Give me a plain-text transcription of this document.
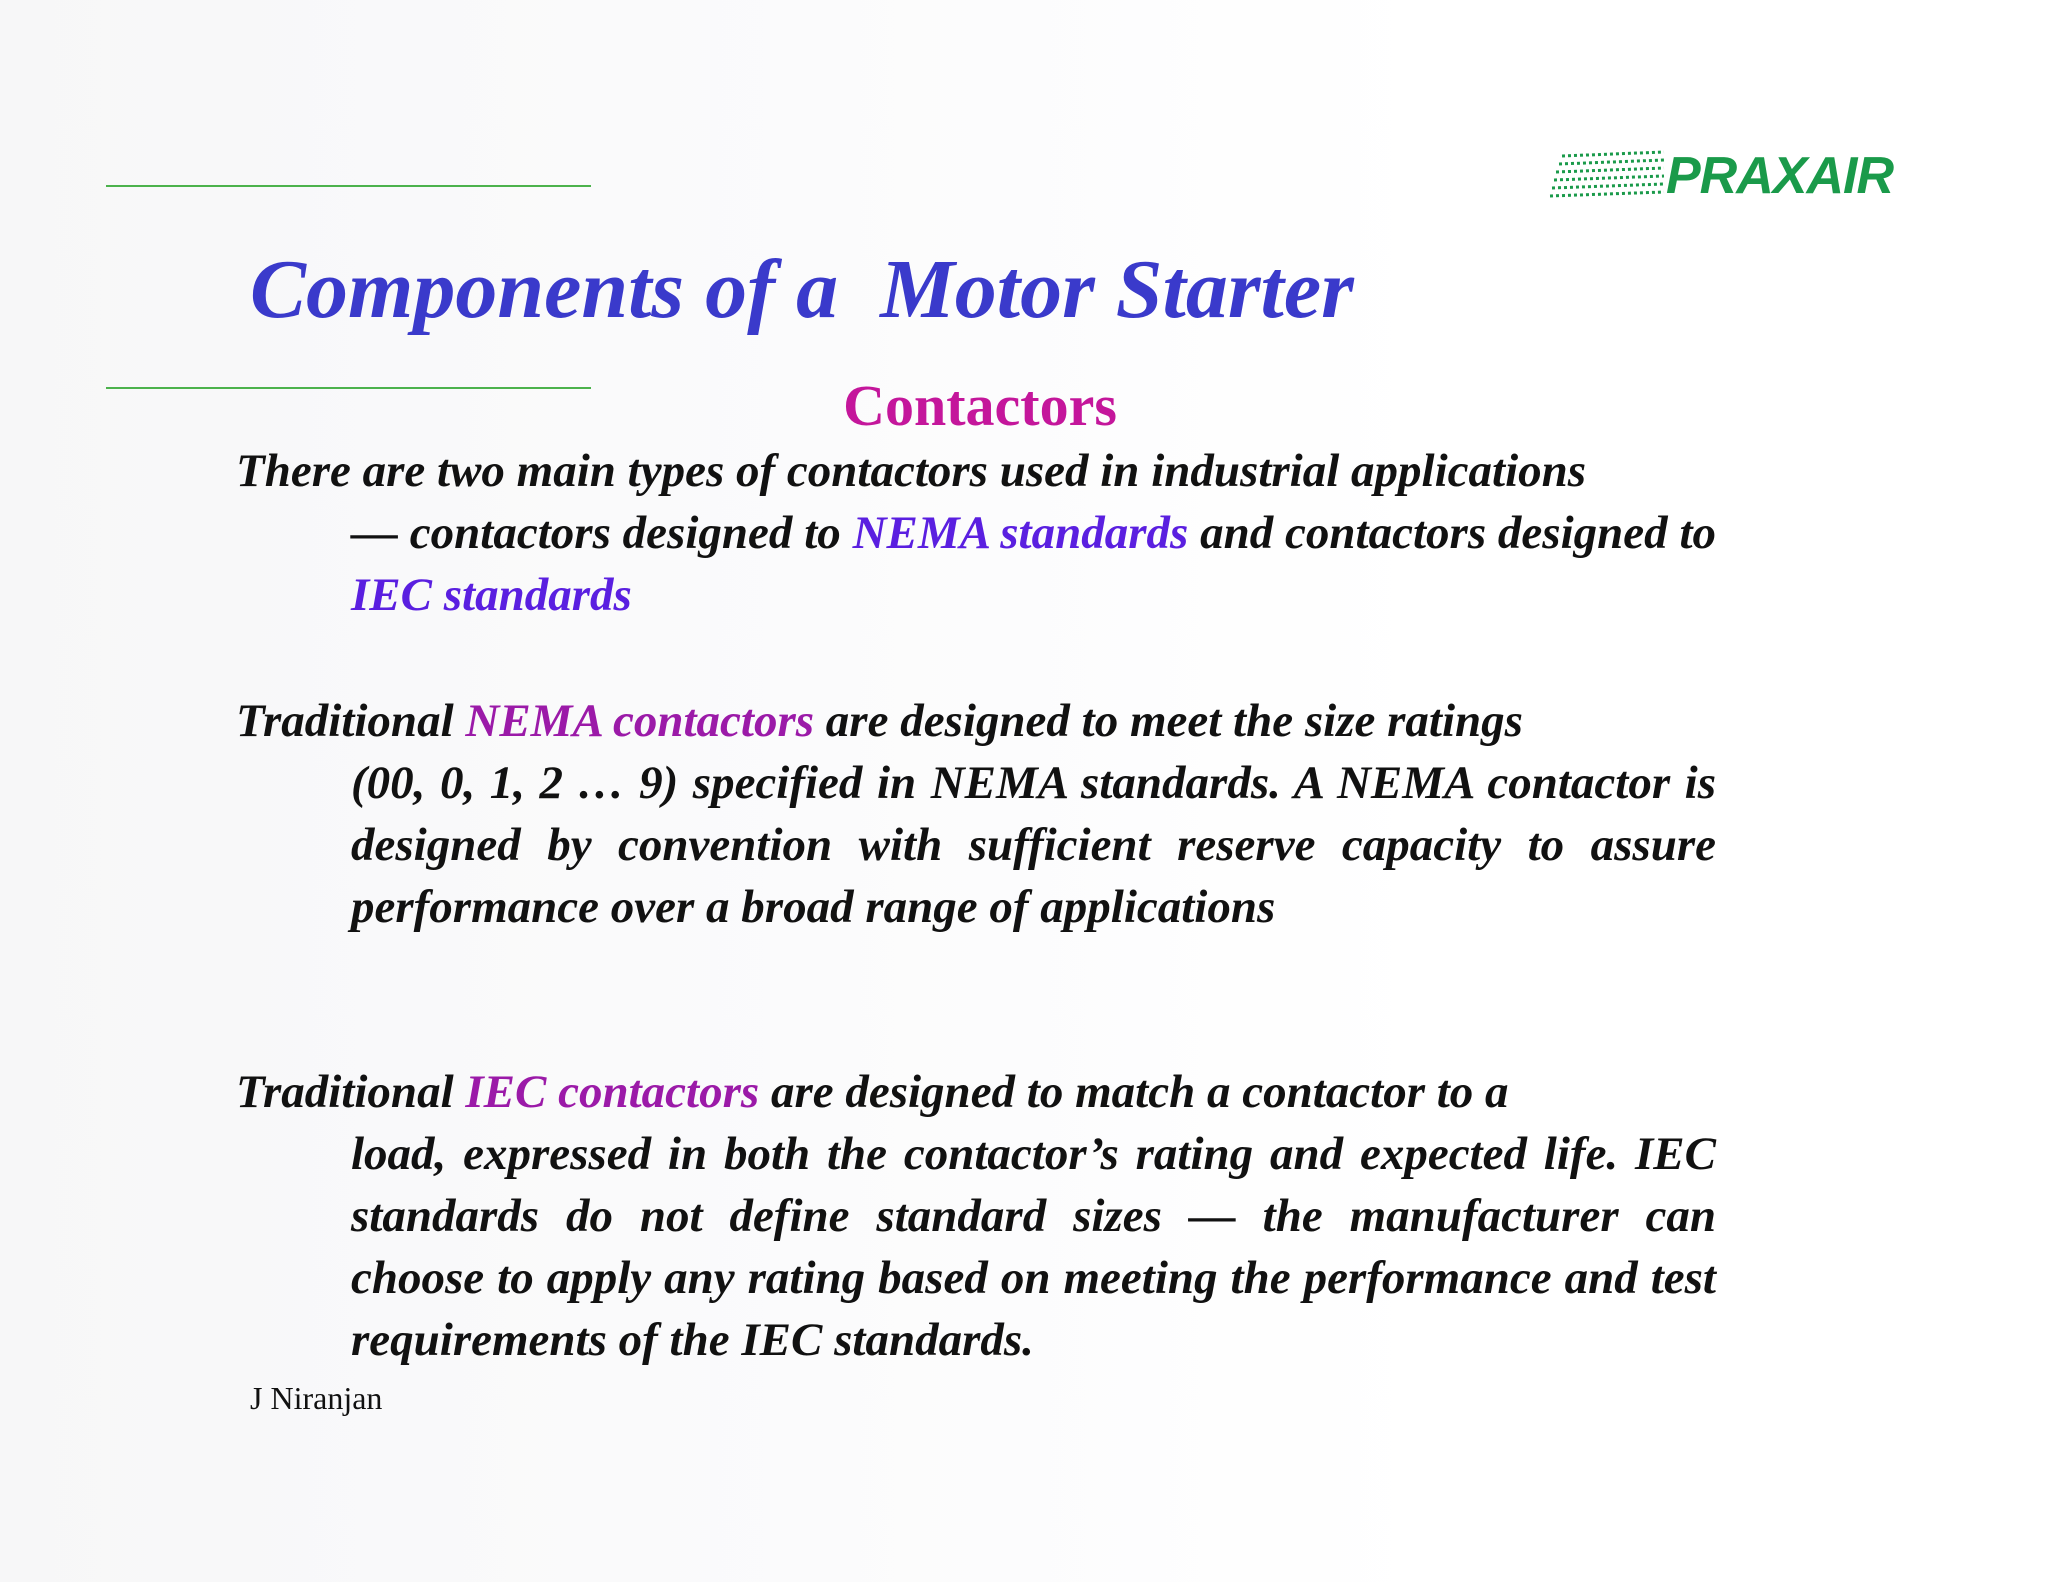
PRAXAIR
Components of a  Motor Starter
Contactors

There are two main types of contactors used in industrial applications
— contactors designed to NEMA standards and contactors designed to IEC standards

Traditional NEMA contactors are designed to meet the size ratings
(00, 0, 1, 2 … 9) specified in NEMA standards. A NEMA contactor is designed by convention with sufficient reserve capacity to assure performance over a broad range of applications

Traditional IEC contactors are designed to match a contactor to a
load, expressed in both the contactor’s rating and expected life. IEC standards do not define standard sizes — the manufacturer can choose to apply any rating based on meeting the performance and test requirements of the IEC standards.

J Niranjan
